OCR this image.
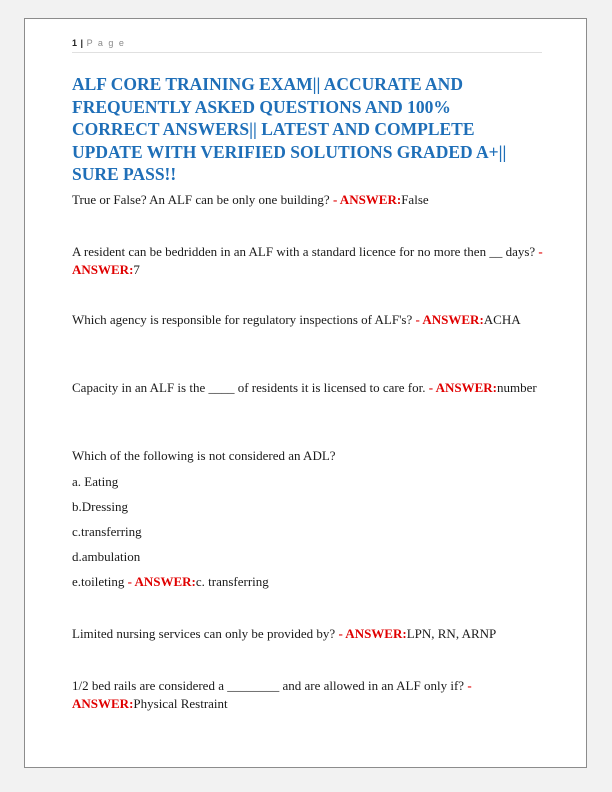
1 | P a g e
ALF CORE TRAINING EXAM|| ACCURATE AND FREQUENTLY ASKED QUESTIONS AND 100% CORRECT ANSWERS|| LATEST AND COMPLETE UPDATE WITH VERIFIED SOLUTIONS GRADED A+|| SURE PASS!!

True or False? An ALF can be only one building? - ANSWER:False

A resident can be bedridden in an ALF with a standard licence for no more then __ days? - ANSWER:7

Which agency is responsible for regulatory inspections of ALF's? - ANSWER:ACHA

Capacity in an ALF is the ____ of residents it is licensed to care for. - ANSWER:number

Which of the following is not considered an ADL?

a. Eating

b.Dressing

c.transferring

d.ambulation

e.toileting - ANSWER:c. transferring

Limited nursing services can only be provided by? - ANSWER:LPN, RN, ARNP

1/2 bed rails are considered a ________ and are allowed in an ALF only if? - ANSWER:Physical Restraint
